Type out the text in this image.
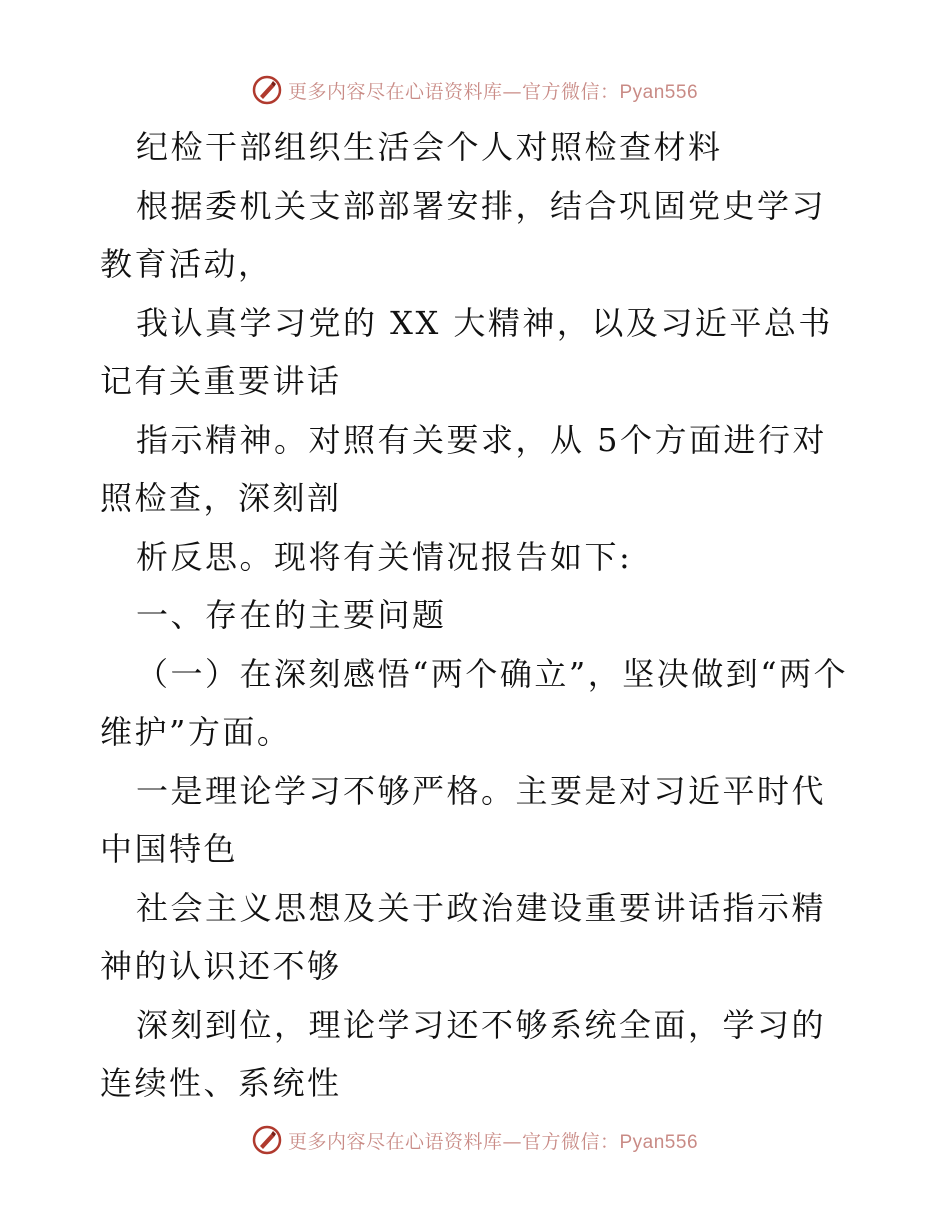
更多内容尽在心语资料库—官方微信：Pyan556

纪检干部组织生活会个人对照检查材料

根据委机关支部部署安排，结合巩固党史学习教育活动，

我认真学习党的 XX 大精神，以及习近平总书记有关重要讲话

指示精神。对照有关要求，从 5个方面进行对照检查，深刻剖

析反思。现将有关情况报告如下:

一、存在的主要问题

（一）在深刻感悟“两个确立”，坚决做到“两个维护”方面。

一是理论学习不够严格。主要是对习近平时代中国特色

社会主义思想及关于政治建设重要讲话指示精神的认识还不够

深刻到位，理论学习还不够系统全面，学习的连续性、系统性

更多内容尽在心语资料库—官方微信：Pyan556
